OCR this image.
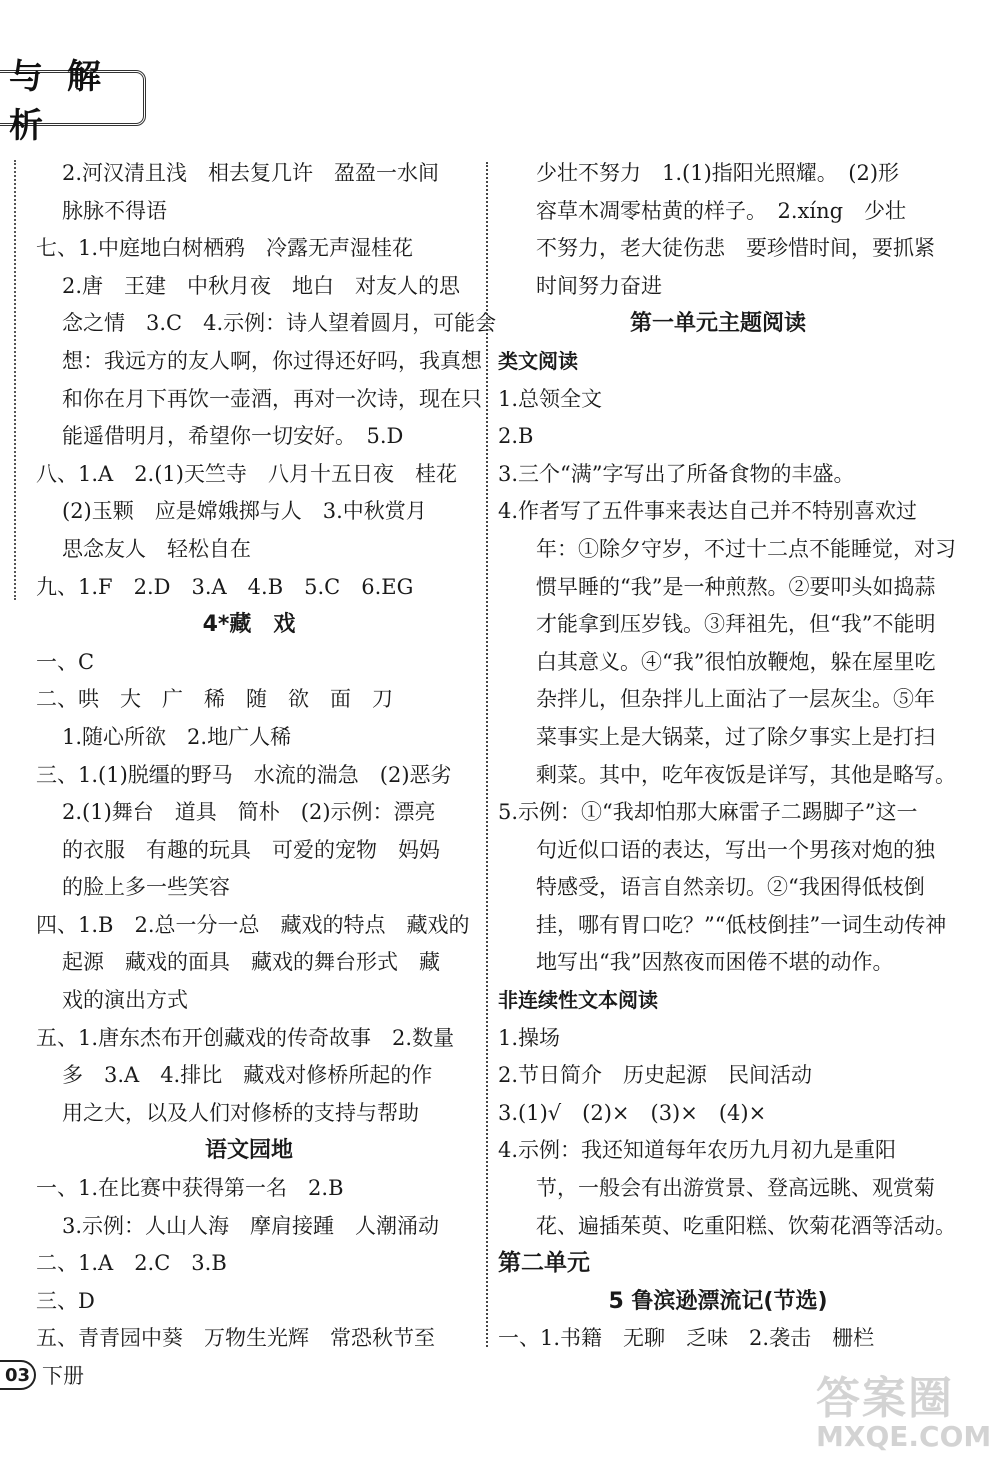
与 解 析
2.河汉清且浅　相去复几许　盈盈一水间
脉脉不得语
七、1.中庭地白树栖鸦　冷露无声湿桂花
2.唐　王建　中秋月夜　地白　对友人的思
念之情　3.C　4.示例：诗人望着圆月，可能会
想：我远方的友人啊，你过得还好吗，我真想
和你在月下再饮一壶酒，再对一次诗，现在只
能遥借明月，希望你一切安好。　5.D
八、1.A　2.(1)天竺寺　八月十五日夜　桂花
(2)玉颗　应是嫦娥掷与人　3.中秋赏月
思念友人　轻松自在
九、1.F　2.D　3.A　4.B　5.C　6.EG
4*藏　戏
一、C
二、哄　大　广　稀　随　欲　面　刀
1.随心所欲　2.地广人稀
三、1.(1)脱缰的野马　水流的湍急　(2)恶劣
2.(1)舞台　道具　简朴　(2)示例：漂亮
的衣服　有趣的玩具　可爱的宠物　妈妈
的脸上多一些笑容
四、1.B　2.总一分一总　藏戏的特点　藏戏的
起源　藏戏的面具　藏戏的舞台形式　藏
戏的演出方式
五、1.唐东杰布开创藏戏的传奇故事　2.数量
多　3.A　4.排比　藏戏对修桥所起的作
用之大，以及人们对修桥的支持与帮助
语文园地
一、1.在比赛中获得第一名　2.B
3.示例：人山人海　摩肩接踵　人潮涌动
二、1.A　2.C　3.B
三、D
五、青青园中葵　万物生光辉　常恐秋节至
少壮不努力　1.(1)指阳光照耀。　(2)形
容草木凋零枯黄的样子。　2.xíng　少壮
不努力，老大徒伤悲　要珍惜时间，要抓紧
时间努力奋进
第一单元主题阅读
类文阅读
1.总领全文
2.B
3.三个“满”字写出了所备食物的丰盛。
4.作者写了五件事来表达自己并不特别喜欢过
年：①除夕守岁，不过十二点不能睡觉，对习
惯早睡的“我”是一种煎熬。②要叩头如捣蒜
才能拿到压岁钱。③拜祖先，但“我”不能明
白其意义。④“我”很怕放鞭炮，躲在屋里吃
杂拌儿，但杂拌儿上面沾了一层灰尘。⑤年
菜事实上是大锅菜，过了除夕事实上是打扫
剩菜。其中，吃年夜饭是详写，其他是略写。
5.示例：①“我却怕那大麻雷子二踢脚子”这一
句近似口语的表达，写出一个男孩对炮的独
特感受，语言自然亲切。②“我困得低枝倒
挂，哪有胃口吃？”“低枝倒挂”一词生动传神
地写出“我”因熬夜而困倦不堪的动作。
非连续性文本阅读
1.操场
2.节日简介　历史起源　民间活动
3.(1)√　(2)×　(3)×　(4)×
4.示例：我还知道每年农历九月初九是重阳
节，一般会有出游赏景、登高远眺、观赏菊
花、遍插茱萸、吃重阳糕、饮菊花酒等活动。
第二单元
5 鲁滨逊漂流记(节选)
一、1.书籍　无聊　乏味　2.袭击　栅栏
03 下册	答案圈
MXQE.COM
